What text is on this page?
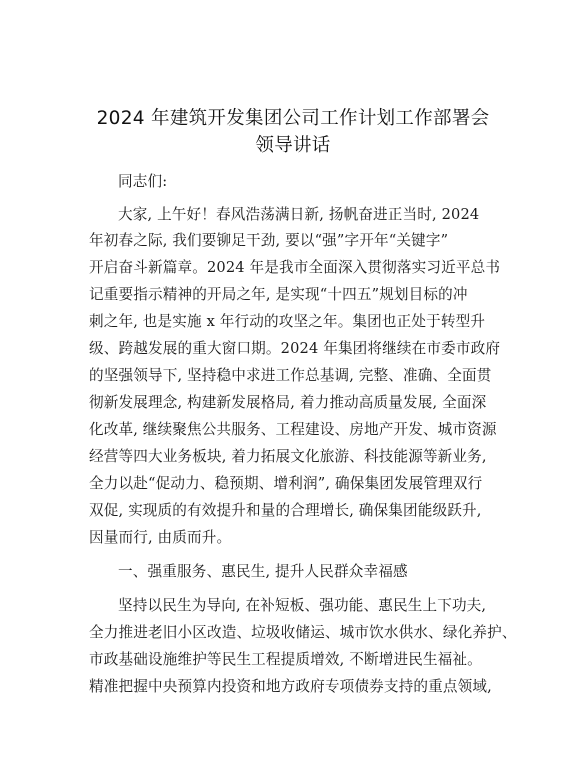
2024 年建筑开发集团公司工作计划工作部署会
领导讲话
同志们:
大家, 上午好！春风浩荡满日新, 扬帆奋进正当时, 2024
年初春之际, 我们要铆足干劲, 要以“强”字开年“关键字”
开启奋斗新篇章。2024 年是我市全面深入贯彻落实习近平总书
记重要指示精神的开局之年, 是实现“十四五”规划目标的冲
刺之年, 也是实施 x 年行动的攻坚之年。集团也正处于转型升
级、跨越发展的重大窗口期。2024 年集团将继续在市委市政府
的坚强领导下, 坚持稳中求进工作总基调, 完整、准确、全面贯
彻新发展理念, 构建新发展格局, 着力推动高质量发展, 全面深
化改革, 继续聚焦公共服务、工程建设、房地产开发、城市资源
经营等四大业务板块, 着力拓展文化旅游、科技能源等新业务,
全力以赴“促动力、稳预期、增利润”, 确保集团发展管理双行
双促, 实现质的有效提升和量的合理增长, 确保集团能级跃升,
因量而行, 由质而升。
一、强重服务、惠民生, 提升人民群众幸福感
坚持以民生为导向, 在补短板、强功能、惠民生上下功夫,
全力推进老旧小区改造、垃圾收储运、城市饮水供水、绿化养护、
市政基础设施维护等民生工程提质增效, 不断增进民生福祉。
精准把握中央预算内投资和地方政府专项债券支持的重点领域,
